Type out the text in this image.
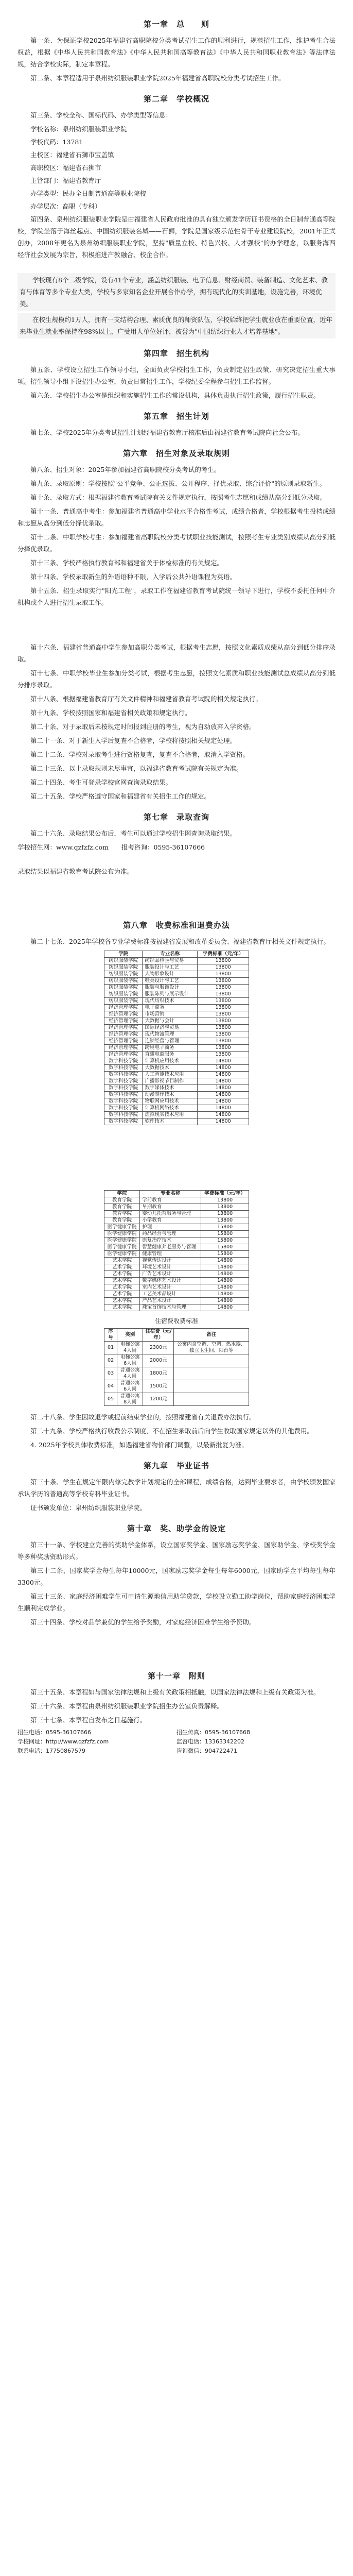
第一章　总　　则

第一条、为保证学校2025年福建省高职院校分类考试招生工作的顺利进行，规范招生工作，维护考生合法权益，根据《中华人民共和国教育法》《中华人民共和国高等教育法》《中华人民共和国职业教育法》等法律法规，结合学校实际，制定本章程。

第二条、本章程适用于泉州纺织服装职业学院2025年福建省高职院校分类考试招生工作。

第二章　学校概况

第三条、学校全称、国标代码、办学类型等信息：

学校名称：泉州纺织服装职业学院
学校代码：13781
主校区：福建省石狮市宝盖镇
高职校区：福建省石狮市
主管部门：福建省教育厅
办学类型：民办全日制普通高等职业院校
办学层次：高职（专科）

第四条、泉州纺织服装职业学院是由福建省人民政府批准的具有独立颁发学历证书资格的全日制普通高等院校，学院坐落于海丝起点、中国纺织服装名城——石狮，学院是国家级示范性骨干专业建设院校，2001年正式创办，2008年更名为泉州纺织服装职业学院，坚持"质量立校、特色兴校、人才强校"的办学理念，以服务海西经济社会发展为宗旨，积极推进产教融合、校企合作。

学校现有8个二级学院，设有41个专业，涵盖纺织服装、电子信息、财经商贸、装备制造、文化艺术、教育与体育等多个专业大类，学校与多家知名企业开展合作办学，拥有现代化的实训基地，设施完善，环境优美。

在校生规模约1万人，拥有一支结构合理、素质优良的师资队伍，学校始终把学生就业放在重要位置，近年来毕业生就业率保持在98%以上，广受用人单位好评，被誉为"中国纺织行业人才培养基地"。

第四章　招生机构

第五条、学校设立招生工作领导小组，全面负责学校招生工作，负责制定招生政策、研究决定招生重大事项。招生领导小组下设招生办公室，负责日常招生工作，学校纪委全程参与招生工作监督。

第六条、学校招生办公室是组织和实施招生工作的常设机构，具体负责执行招生政策，履行招生职责。

第五章　招生计划

第七条、学校2025年分类考试招生计划经福建省教育厅核准后由福建省教育考试院向社会公布。

第六章　招生对象及录取规则

第八条、招生对象：2025年参加福建省高职院校分类考试的考生。

第九条、录取原则：学校按照"公平竞争、公正选拔、公开程序、择优录取、综合评价"的原则录取新生。

第十条、录取方式：根据福建省教育考试院有关文件规定执行，按照考生志愿和成绩从高分到低分录取。

第十一条、普通高中考生：参加福建省普通高中学业水平合格性考试，成绩合格者，学校根据考生投档成绩和志愿从高分到低分择优录取。

第十二条、中职学校考生：参加福建省高职院校分类考试职业技能测试，按照考生专业类别成绩从高分到低分择优录取。

第十三条、学校严格执行教育部和福建省关于体检标准的有关规定。

第十四条、学校录取新生的外语语种不限，入学后公共外语课程为英语。

第十五条、招生录取实行"阳光工程"，录取工作在福建省教育考试院统一领导下进行，学校不委托任何中介机构或个人进行招生录取工作。

第十六条、福建省普通高中学生参加高职分类考试，根据考生志愿，按照文化素质成绩从高分到低分排序录取。

第十七条、中职学校毕业生参加分类考试，根据考生志愿，按照文化素质和职业技能测试总成绩从高分到低分排序录取。

第十八条、根据福建省教育厅有关文件精神和福建省教育考试院的相关规定执行。

第十九条、学校按照国家和福建省相关政策和规定执行。

第二十条、对于录取后未按规定时间报到注册的考生，视为自动放弃入学资格。

第二十一条、对于新生入学后复查不合格者，学校将按照相关规定处理。

第二十二条、学校对录取考生进行资格复查，复查不合格者，取消入学资格。

第二十三条、以上录取规则未尽事宜，以福建省教育考试院有关规定为准。

第二十四条、考生可登录学校官网查询录取结果。

第二十五条、学校严格遵守国家和福建省有关招生工作的规定。

第七章　录取查询

第二十六条、录取结果公布后，考生可以通过学校招生网查询录取结果。

学校招生网：www.qzfzfz.com　　报考咨询：0595-36107666

录取结果以福建省教育考试院公布为准。

第八章　收费标准和退费办法

第二十七条、2025年学校各专业学费标准按福建省发展和改革委员会、福建省教育厅相关文件规定执行。

学院	专业名称	学费标准（元/年）
纺织服装学院	纺织品检验与贸易	13800
纺织服装学院	服装设计与工艺	13800
纺织服装学院	人物形象设计	13800
纺织服装学院	鞋类设计与工艺	13800
纺织服装学院	服装与服饰设计	13800
纺织服装学院	服装陈列与展示设计	13800
纺织服装学院	现代纺织技术	13800
经济管理学院	电子商务	13800
经济管理学院	市场营销	13800
经济管理学院	大数据与会计	13800
经济管理学院	国际经济与贸易	13800
经济管理学院	现代物流管理	13800
经济管理学院	连锁经营与管理	13800
经济管理学院	跨境电子商务	13800
经济管理学院	直播电商服务	13800
数字科技学院	计算机应用技术	14800
数字科技学院	大数据技术	14800
数字科技学院	人工智能技术应用	14800
数字科技学院	广播影视节目制作	14800
数字科技学院	数字媒体技术	14800
数字科技学院	动漫制作技术	14800
数字科技学院	物联网应用技术	14800
数字科技学院	计算机网络技术	14800
数字科技学院	虚拟现实技术应用	14800
数字科技学院	软件技术	14800
学院	专业名称	学费标准（元/年）
教育学院	学前教育	13800
教育学院	早期教育	13800
教育学院	婴幼儿托育服务与管理	13800
教育学院	小学教育	13800
医学健康学院	护理	15800
医学健康学院	药品经营与管理	15800
医学健康学院	康复治疗技术	15800
医学健康学院	智慧健康养老服务与管理	15800
医学健康学院	健康管理	15800
艺术学院	视觉传达设计	14800
艺术学院	环境艺术设计	14800
艺术学院	广告艺术设计	14800
艺术学院	数字媒体艺术设计	14800
艺术学院	室内艺术设计	14800
艺术学院	工艺美术品设计	14800
艺术学院	产品艺术设计	14800
艺术学院	珠宝首饰技术与管理	14800
住宿费收费标准
序号	类别	住宿费（元/年）	备注
01	电梯公寓4人间	2300元	公寓内含空调、空调、热水器、独立卫生间、阳台等
02	电梯公寓6人间	2000元	
03	普通公寓4人间	1800元	
04	普通公寓6人间	1500元	
05	普通公寓8人间	1200元	

第二十八条、学生因故退学或提前结束学业的，按照福建省有关退费办法执行。

第二十九条、学校严格执行收费公示制度，不在招生录取前后向学生收取国家规定以外的其他费用。

4. 2025年学校具体收费标准，如遇福建省物价部门调整，以最新批复为准。

第九章　毕业证书

第三十条、学生在规定年限内修完教学计划规定的全部课程，成绩合格，达到毕业要求者，由学校颁发国家承认学历的普通高等学校专科毕业证书。

证书颁发单位：泉州纺织服装职业学院。

第十章　奖、助学金的设定

第三十一条、学校建立完善的奖助学金体系，设立国家奖学金、国家励志奖学金、国家助学金、学校奖学金等多种奖励资助形式。

第三十二条、国家奖学金每生每年10000元，国家励志奖学金每生每年6000元，国家助学金平均每生每年3300元。

第三十三条、家庭经济困难学生可申请生源地信用助学贷款，学校设立勤工助学岗位，帮助家庭经济困难学生顺利完成学业。

第三十四条、学校对品学兼优的学生给予奖励，对家庭经济困难学生给予资助。

第十一章　附则

第三十五条、本章程如与国家法律法规和上级有关政策相抵触，以国家法律法规和上级有关政策为准。

第三十六条、本章程由泉州纺织服装职业学院招生办公室负责解释。

第三十七条、本章程自发布之日起施行。

招生电话：0595-36107666	招生传真：0595-36107668
学校网址：http://www.qzfzfz.com	监督电话：13363342202
联系电话：17750867579	咨询微信：904722471
